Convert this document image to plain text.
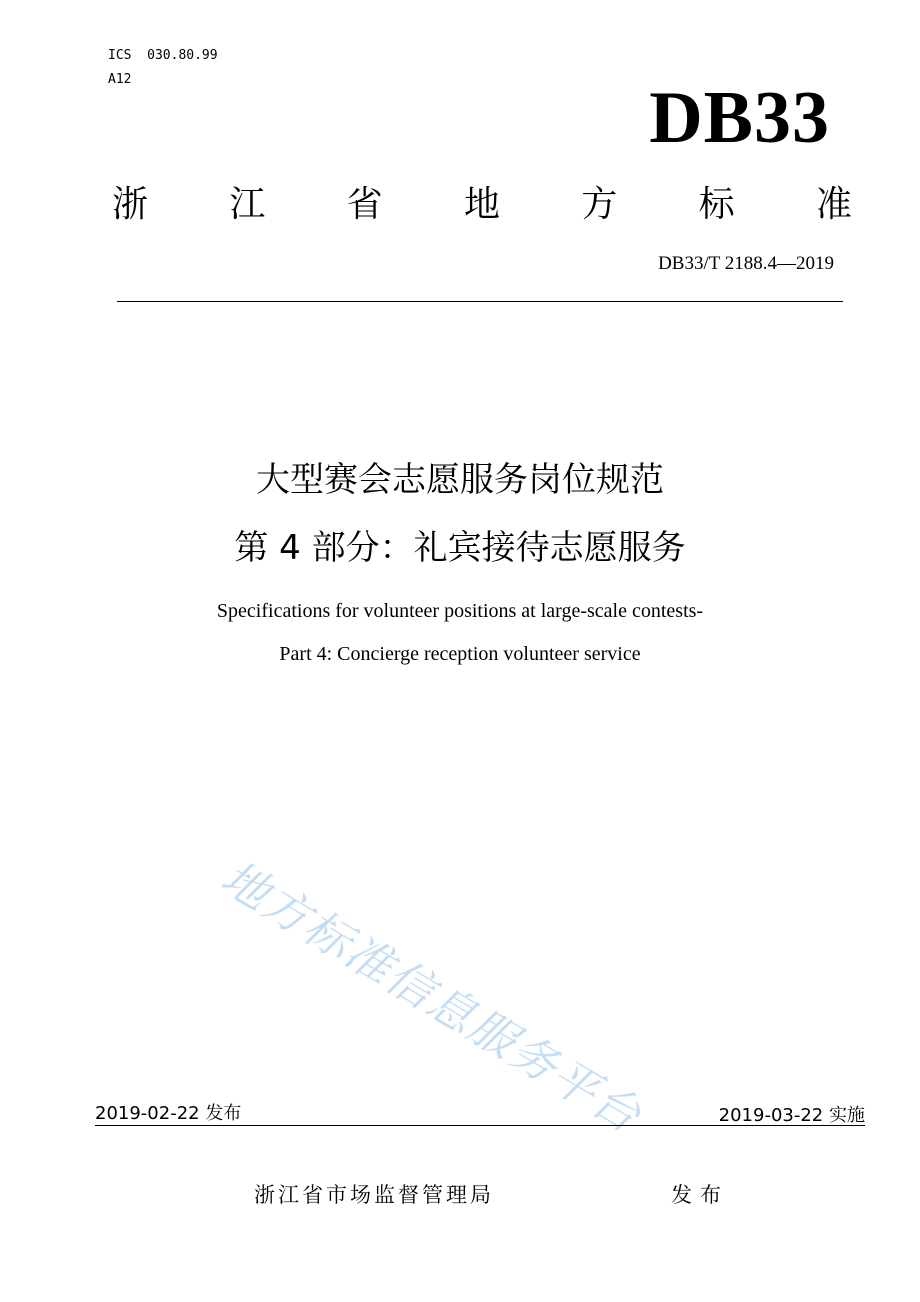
ICS  030.80.99
A12	DB33
浙 江 省 地 方 标 准
DB33/T 2188.4—2019
大型赛会志愿服务岗位规范
第 4 部分：礼宾接待志愿服务
Specifications for volunteer positions at large-scale contests-
Part 4: Concierge reception volunteer service
地方标准信息服务平台
2019-02-22 发布	2019-03-22 实施
浙江省市场监督管理局	发布
